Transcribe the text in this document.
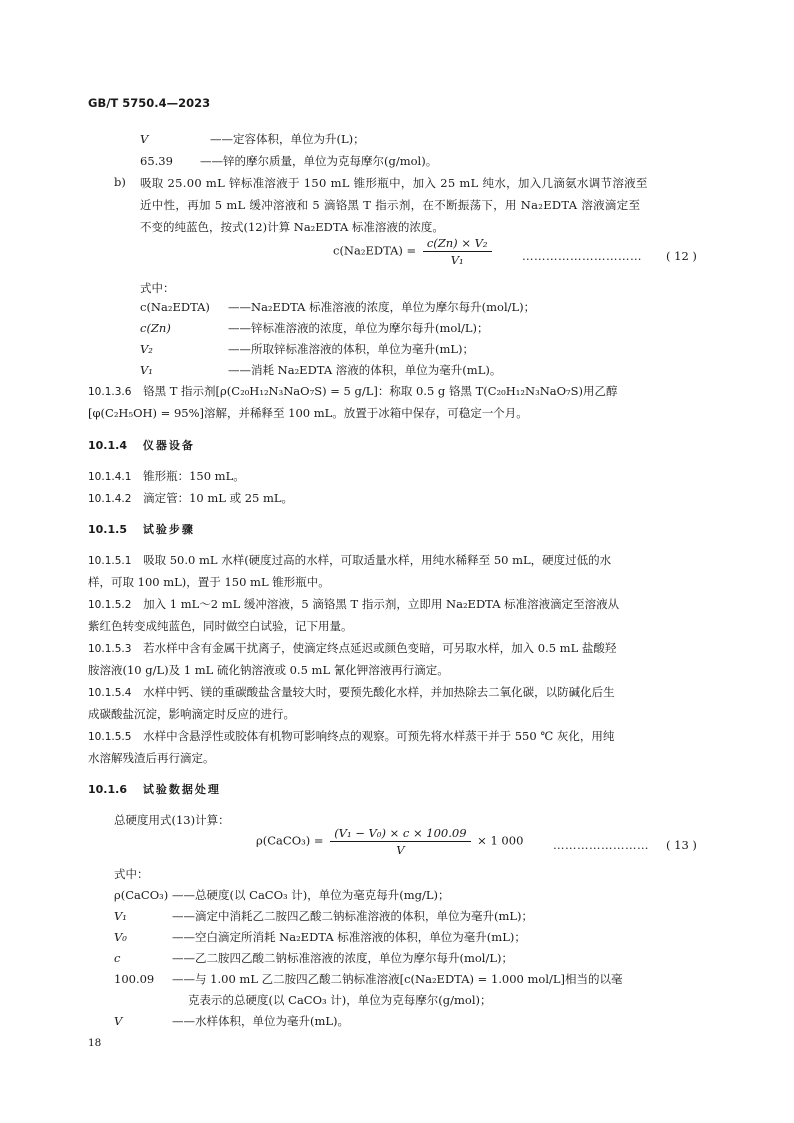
GB/T 5750.4—2023
V	——定容体积，单位为升(L)；
65.39 ——锌的摩尔质量，单位为克每摩尔(g/mol)。
b) 吸取 25.00 mL 锌标准溶液于 150 mL 锥形瓶中，加入 25 mL 纯水，加入几滴氨水调节溶液至
近中性，再加 5 mL 缓冲溶液和 5 滴铬黑 T 指示剂，在不断振荡下，用 Na₂EDTA 溶液滴定至
不变的纯蓝色，按式(12)计算 Na₂EDTA 标准溶液的浓度。
c(Na₂EDTA) = $\frac{\text{c(Zn) × V₂}}{\text{V₁}}$	………………………… ( 12 )
式中：
c(Na₂EDTA) ——Na₂EDTA 标准溶液的浓度，单位为摩尔每升(mol/L)；
c(Zn)	——锌标准溶液的浓度，单位为摩尔每升(mol/L)；
V₂	——所取锌标准溶液的体积，单位为毫升(mL)；
V₁	——消耗 Na₂EDTA 溶液的体积，单位为毫升(mL)。
10.1.3.6 铬黑 T 指示剂[ρ(C₂₀H₁₂N₃NaO₇S) = 5 g/L]：称取 0.5 g 铬黑 T(C₂₀H₁₂N₃NaO₇S)用乙醇
[φ(C₂H₅OH) = 95%]溶解，并稀释至 100 mL。放置于冰箱中保存，可稳定一个月。
10.1.4 仪器设备
10.1.4.1 锥形瓶：150 mL。
10.1.4.2 滴定管：10 mL 或 25 mL。
10.1.5 试验步骤
10.1.5.1 吸取 50.0 mL 水样(硬度过高的水样，可取适量水样，用纯水稀释至 50 mL，硬度过低的水
样，可取 100 mL)，置于 150 mL 锥形瓶中。
10.1.5.2 加入 1 mL～2 mL 缓冲溶液，5 滴铬黑 T 指示剂，立即用 Na₂EDTA 标准溶液滴定至溶液从
紫红色转变成纯蓝色，同时做空白试验，记下用量。
10.1.5.3 若水样中含有金属干扰离子，使滴定终点延迟或颜色变暗，可另取水样，加入 0.5 mL 盐酸羟
胺溶液(10 g/L)及 1 mL 硫化钠溶液或 0.5 mL 氰化钾溶液再行滴定。
10.1.5.4 水样中钙、镁的重碳酸盐含量较大时，要预先酸化水样，并加热除去二氧化碳，以防碱化后生
成碳酸盐沉淀，影响滴定时反应的进行。
10.1.5.5 水样中含悬浮性或胶体有机物可影响终点的观察。可预先将水样蒸干并于 550 ℃ 灰化，用纯
水溶解残渣后再行滴定。
10.1.6 试验数据处理
总硬度用式(13)计算：
ρ(CaCO₃) = $\frac{\text{(V₁ − V₀) × c × 100.09}}{V} \times 1$ 000	…………………… ( 13 )
式中：
ρ(CaCO₃) ——总硬度(以 CaCO₃ 计)，单位为毫克每升(mg/L)；
V₁	——滴定中消耗乙二胺四乙酸二钠标准溶液的体积，单位为毫升(mL)；
V₀	——空白滴定所消耗 Na₂EDTA 标准溶液的体积，单位为毫升(mL)；
c	——乙二胺四乙酸二钠标准溶液的浓度，单位为摩尔每升(mol/L)；
100.09 ——与 1.00 mL 乙二胺四乙酸二钠标准溶液[c(Na₂EDTA) = 1.000 mol/L]相当的以毫
克表示的总硬度(以 CaCO₃ 计)，单位为克每摩尔(g/mol)；
V	——水样体积，单位为毫升(mL)。
18
